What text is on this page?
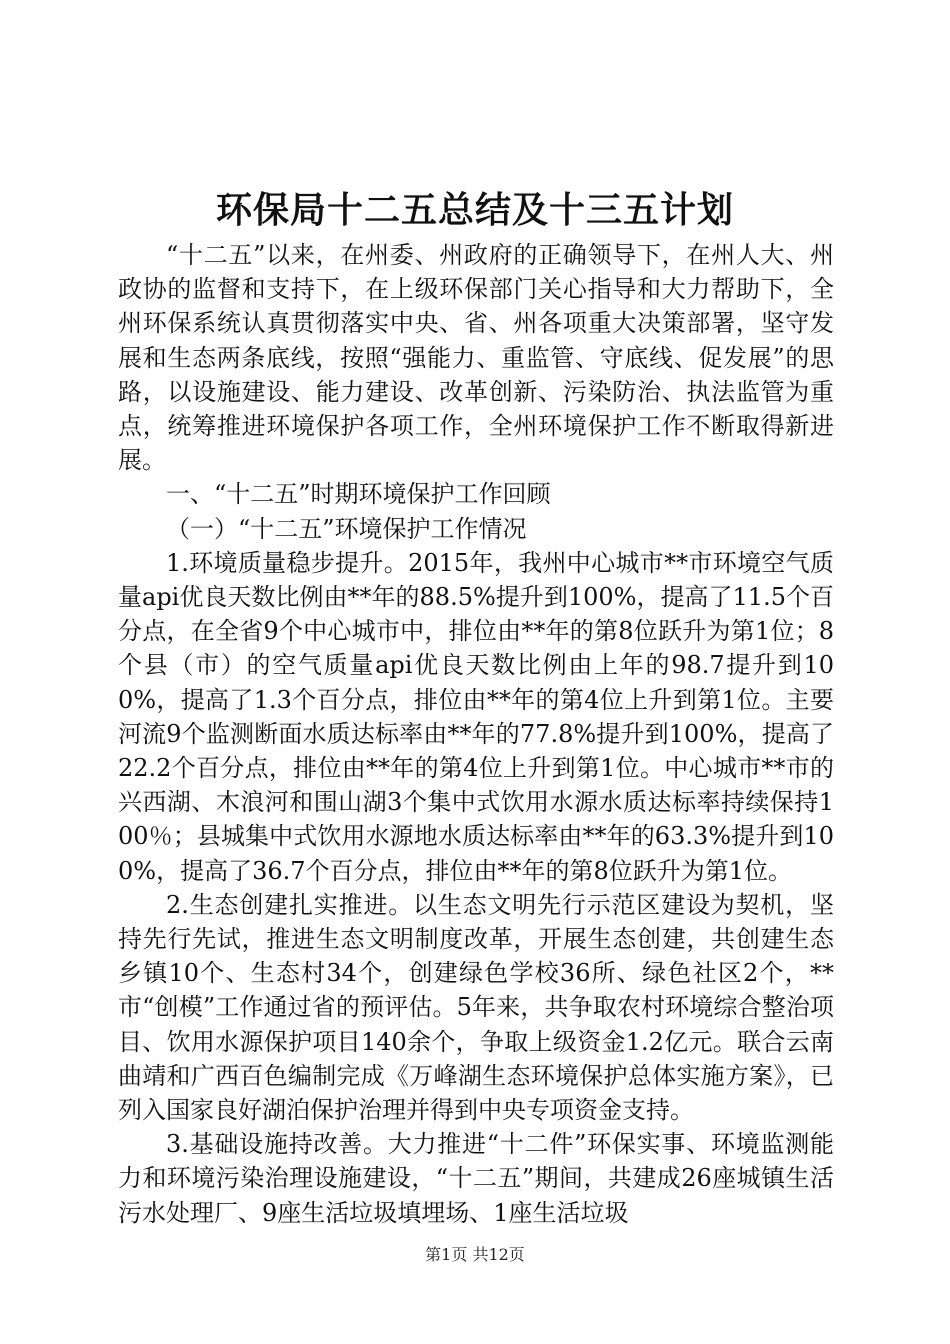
环保局十二五总结及十三五计划

“十二五”以来，在州委、州政府的正确领导下，在州人大、州政协的监督和支持下，在上级环保部门关心指导和大力帮助下，全州环保系统认真贯彻落实中央、省、州各项重大决策部署，坚守发展和生态两条底线，按照“强能力、重监管、守底线、促发展”的思路，以设施建设、能力建设、改革创新、污染防治、执法监管为重点，统筹推进环境保护各项工作，全州环境保护工作不断取得新进展。

一、“十二五”时期环境保护工作回顾

（一）“十二五”环境保护工作情况

1.环境质量稳步提升。2015年，我州中心城市**市环境空气质量api优良天数比例由**年的88.5%提升到100%，提高了11.5个百分点，在全省9个中心城市中，排位由**年的第8位跃升为第1位；8个县（市）的空气质量api优良天数比例由上年的98.7提升到100%，提高了1.3个百分点，排位由**年的第4位上升到第1位。主要河流9个监测断面水质达标率由**年的77.8%提升到100%，提高了22.2个百分点，排位由**年的第4位上升到第1位。中心城市**市的兴西湖、木浪河和围山湖3个集中式饮用水源水质达标率持续保持100％；县城集中式饮用水源地水质达标率由**年的63.3%提升到100%，提高了36.7个百分点，排位由**年的第8位跃升为第1位。

2.生态创建扎实推进。以生态文明先行示范区建设为契机，坚持先行先试，推进生态文明制度改革，开展生态创建，共创建生态乡镇10个、生态村34个，创建绿色学校36所、绿色社区2个，**市“创模”工作通过省的预评估。5年来，共争取农村环境综合整治项目、饮用水源保护项目140余个，争取上级资金1.2亿元。联合云南曲靖和广西百色编制完成《万峰湖生态环境保护总体实施方案》，已列入国家良好湖泊保护治理并得到中央专项资金支持。

3.基础设施持改善。大力推进“十二件”环保实事、环境监测能力和环境污染治理设施建设，“十二五”期间，共建成26座城镇生活污水处理厂、9座生活垃圾填埋场、1座生活垃圾

第1页 共12页
